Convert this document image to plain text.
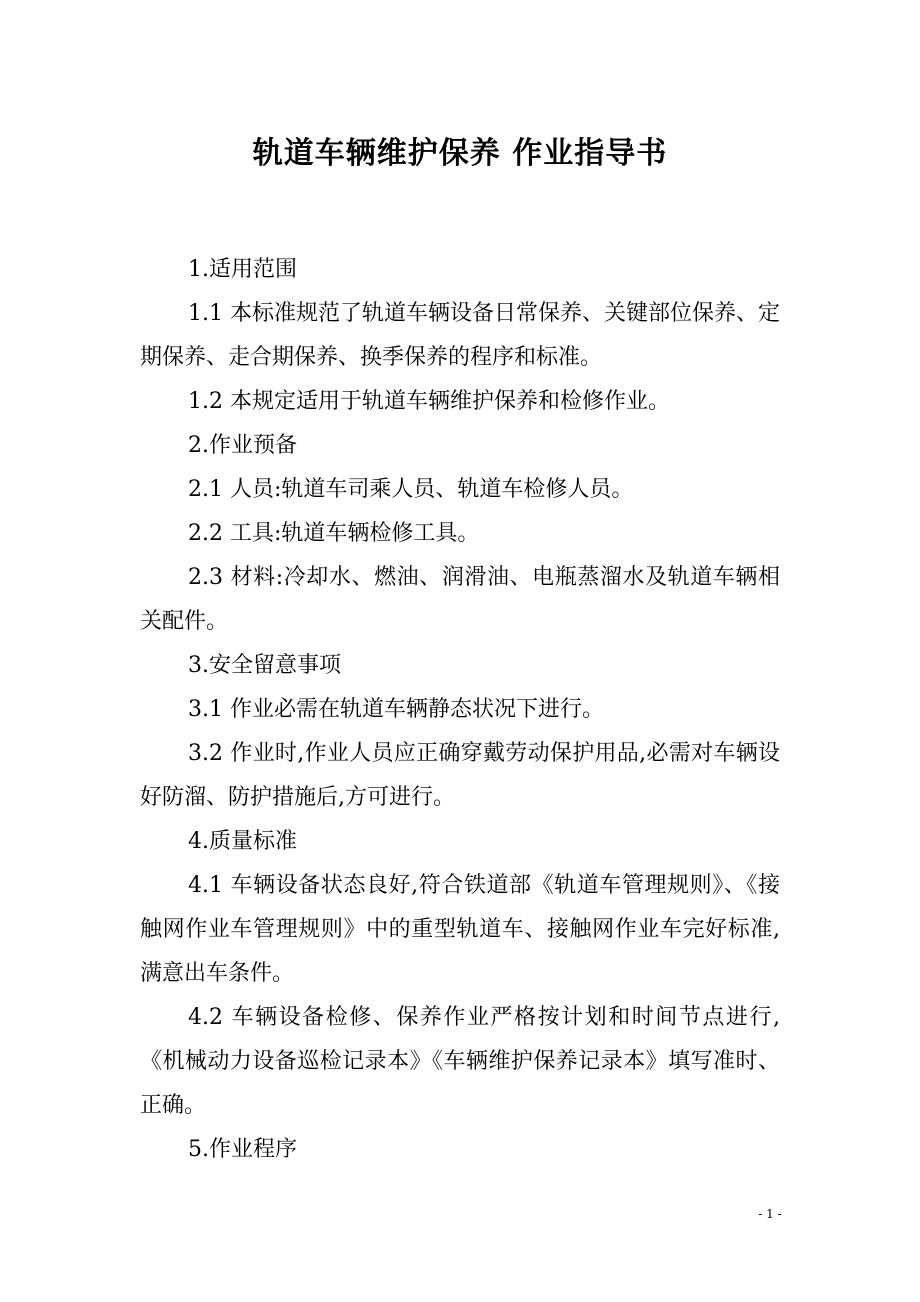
轨道车辆维护保养 作业指导书

1.适用范围

1.1 本标准规范了轨道车辆设备日常保养、关键部位保养、定期保养、走合期保养、换季保养的程序和标准。

1.2 本规定适用于轨道车辆维护保养和检修作业。

2.作业预备

2.1 人员:轨道车司乘人员、轨道车检修人员。

2.2 工具:轨道车辆检修工具。

2.3 材料:冷却水、燃油、润滑油、电瓶蒸溜水及轨道车辆相关配件。

3.安全留意事项

3.1 作业必需在轨道车辆静态状况下进行。

3.2 作业时,作业人员应正确穿戴劳动保护用品,必需对车辆设好防溜、防护措施后,方可进行。

4.质量标准

4.1 车辆设备状态良好,符合铁道部《轨道车管理规则》、《接触网作业车管理规则》中的重型轨道车、接触网作业车完好标准,满意出车条件。

4.2 车辆设备检修、保养作业严格按计划和时间节点进行,《机械动力设备巡检记录本》《车辆维护保养记录本》填写准时、正确。

5.作业程序

- 1 -
